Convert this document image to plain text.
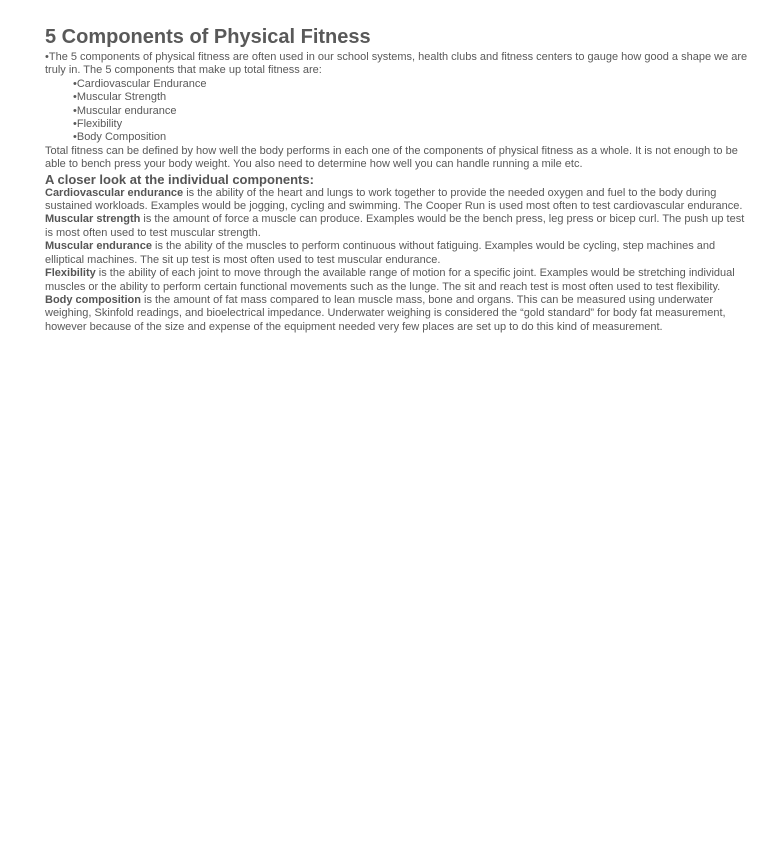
5 Components of Physical Fitness

•The 5 components of physical fitness are often used in our school systems, health clubs and fitness centers to gauge how good a shape we are truly in. The 5 components that make up total fitness are:

•Cardiovascular Endurance
•Muscular Strength
•Muscular endurance
•Flexibility
•Body Composition

Total fitness can be defined by how well the body performs in each one of the components of physical fitness as a whole. It is not enough to be able to bench press your body weight. You also need to determine how well you can handle running a mile etc.

A closer look at the individual components:

Cardiovascular endurance is the ability of the heart and lungs to work together to provide the needed oxygen and fuel to the body during sustained workloads. Examples would be jogging, cycling and swimming. The Cooper Run is used most often to test cardiovascular endurance.

Muscular strength is the amount of force a muscle can produce. Examples would be the bench press, leg press or bicep curl. The push up test is most often used to test muscular strength.

Muscular endurance is the ability of the muscles to perform continuous without fatiguing. Examples would be cycling, step machines and elliptical machines. The sit up test is most often used to test muscular endurance.

Flexibility is the ability of each joint to move through the available range of motion for a specific joint. Examples would be stretching individual muscles or the ability to perform certain functional movements such as the lunge. The sit and reach test is most often used to test flexibility.

Body composition is the amount of fat mass compared to lean muscle mass, bone and organs. This can be measured using underwater weighing, Skinfold readings, and bioelectrical impedance. Underwater weighing is considered the “gold standard” for body fat measurement, however because of the size and expense of the equipment needed very few places are set up to do this kind of measurement.
